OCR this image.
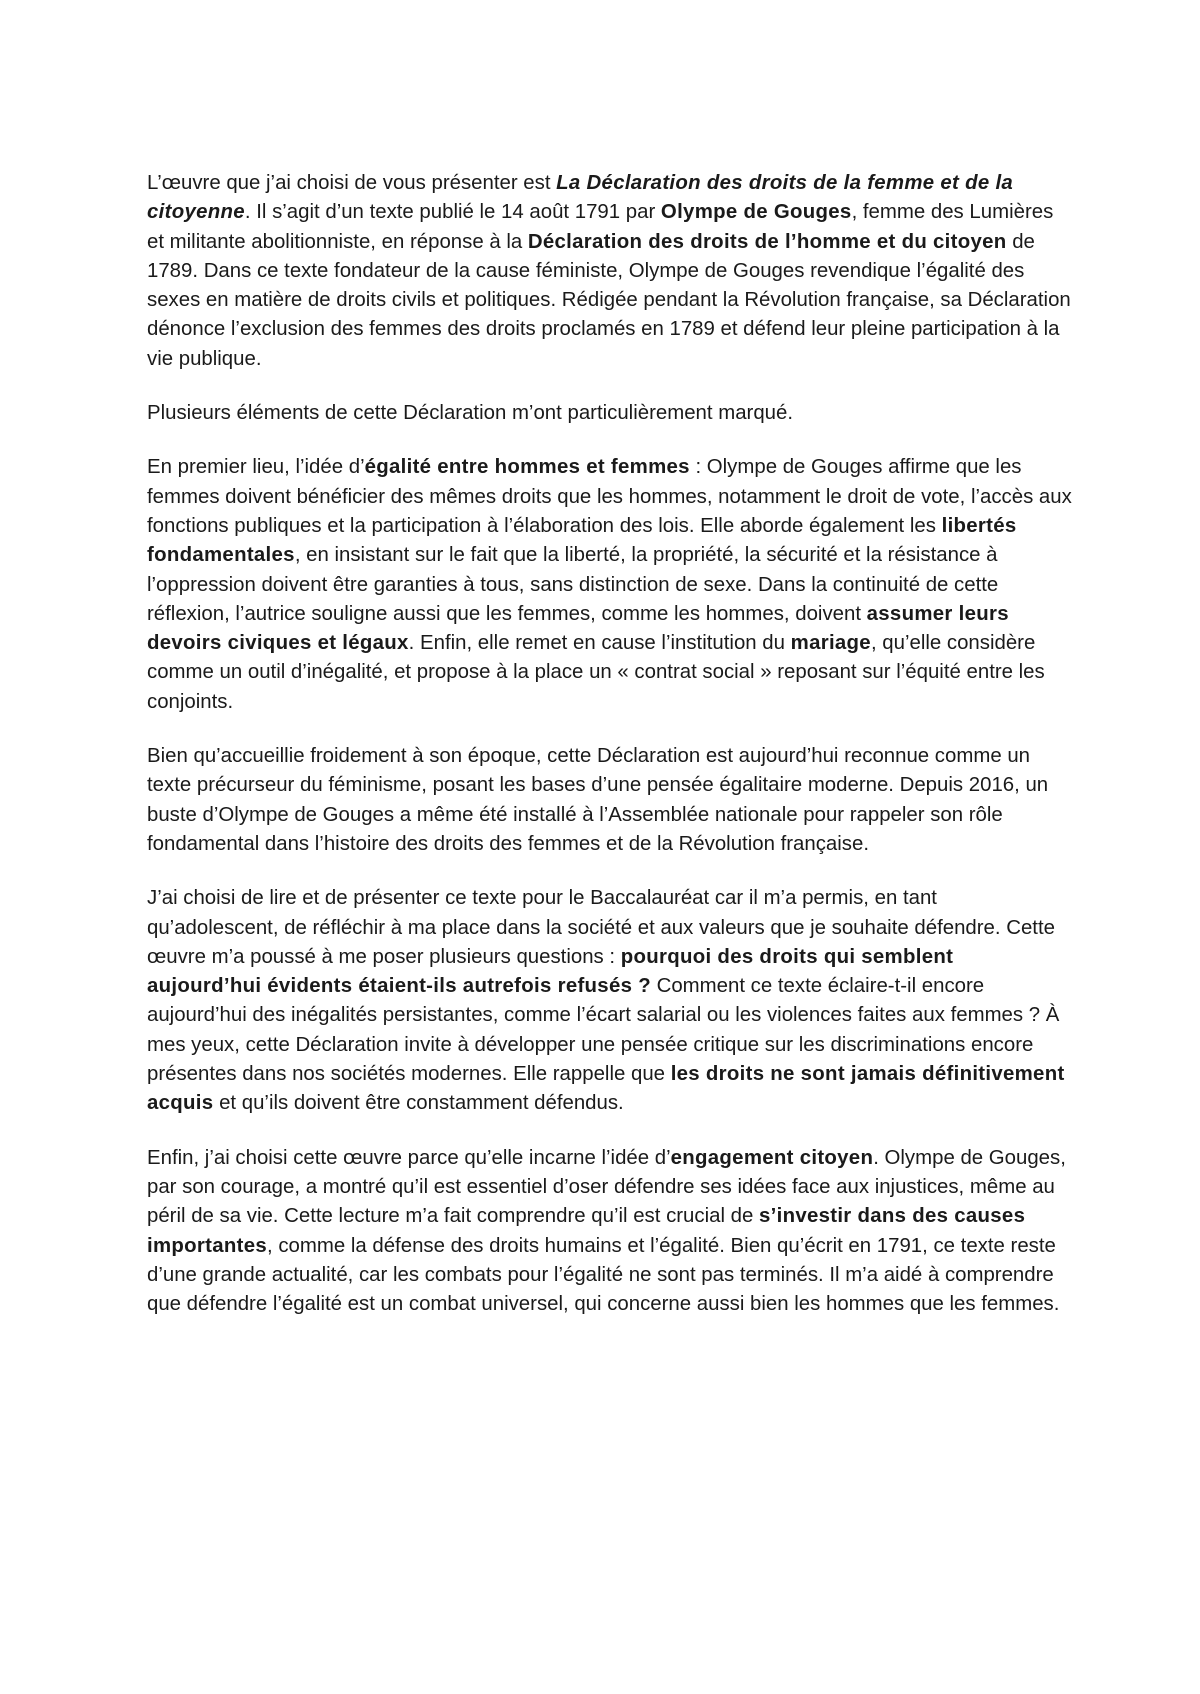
L’œuvre que j’ai choisi de vous présenter est La Déclaration des droits de la femme et de la citoyenne. Il s’agit d’un texte publié le 14 août 1791 par Olympe de Gouges, femme des Lumières et militante abolitionniste, en réponse à la Déclaration des droits de l’homme et du citoyen de 1789. Dans ce texte fondateur de la cause féministe, Olympe de Gouges revendique l’égalité des sexes en matière de droits civils et politiques. Rédigée pendant la Révolution française, sa Déclaration dénonce l’exclusion des femmes des droits proclamés en 1789 et défend leur pleine participation à la vie publique.

Plusieurs éléments de cette Déclaration m’ont particulièrement marqué.

En premier lieu, l’idée d’égalité entre hommes et femmes : Olympe de Gouges affirme que les femmes doivent bénéficier des mêmes droits que les hommes, notamment le droit de vote, l’accès aux fonctions publiques et la participation à l’élaboration des lois. Elle aborde également les libertés fondamentales, en insistant sur le fait que la liberté, la propriété, la sécurité et la résistance à l’oppression doivent être garanties à tous, sans distinction de sexe. Dans la continuité de cette réflexion, l’autrice souligne aussi que les femmes, comme les hommes, doivent assumer leurs devoirs civiques et légaux. Enfin, elle remet en cause l’institution du mariage, qu’elle considère comme un outil d’inégalité, et propose à la place un « contrat social » reposant sur l’équité entre les conjoints.

Bien qu’accueillie froidement à son époque, cette Déclaration est aujourd’hui reconnue comme un texte précurseur du féminisme, posant les bases d’une pensée égalitaire moderne. Depuis 2016, un buste d’Olympe de Gouges a même été installé à l’Assemblée nationale pour rappeler son rôle fondamental dans l’histoire des droits des femmes et de la Révolution française.

J’ai choisi de lire et de présenter ce texte pour le Baccalauréat car il m’a permis, en tant qu’adolescent, de réfléchir à ma place dans la société et aux valeurs que je souhaite défendre. Cette œuvre m’a poussé à me poser plusieurs questions : pourquoi des droits qui semblent aujourd’hui évidents étaient-ils autrefois refusés ? Comment ce texte éclaire-t-il encore aujourd’hui des inégalités persistantes, comme l’écart salarial ou les violences faites aux femmes ? À mes yeux, cette Déclaration invite à développer une pensée critique sur les discriminations encore présentes dans nos sociétés modernes. Elle rappelle que les droits ne sont jamais définitivement acquis et qu’ils doivent être constamment défendus.

Enfin, j’ai choisi cette œuvre parce qu’elle incarne l’idée d’engagement citoyen. Olympe de Gouges, par son courage, a montré qu’il est essentiel d’oser défendre ses idées face aux injustices, même au péril de sa vie. Cette lecture m’a fait comprendre qu’il est crucial de s’investir dans des causes importantes, comme la défense des droits humains et l’égalité. Bien qu’écrit en 1791, ce texte reste d’une grande actualité, car les combats pour l’égalité ne sont pas terminés. Il m’a aidé à comprendre que défendre l’égalité est un combat universel, qui concerne aussi bien les hommes que les femmes.
